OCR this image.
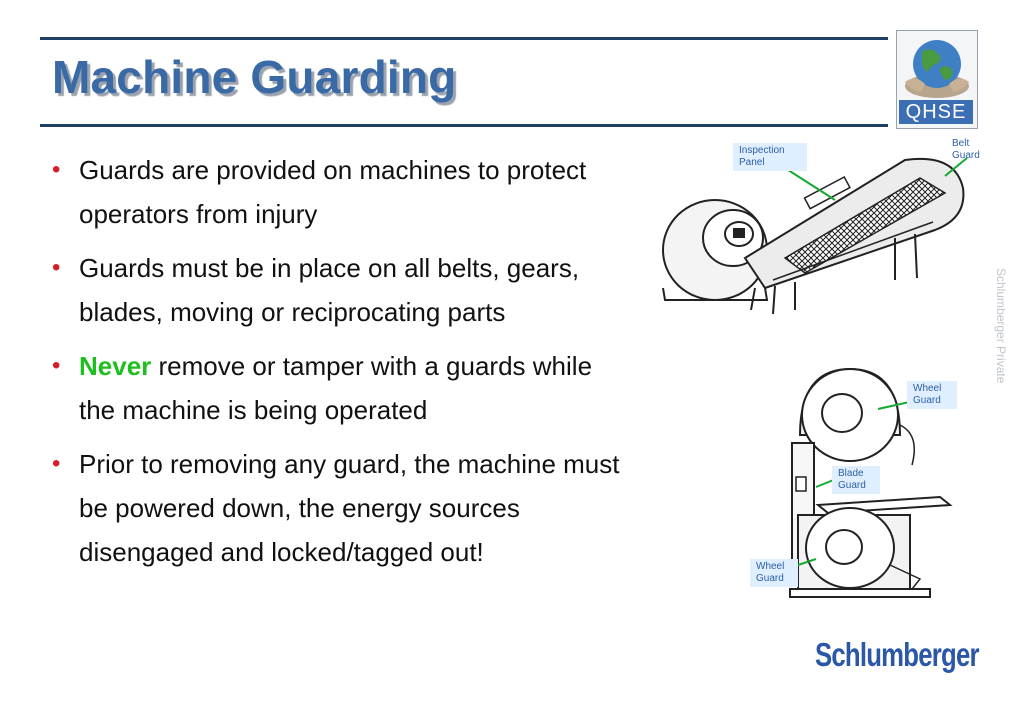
Machine Guarding
QHSE
• Guards are provided on machines to protect operators from injury
• Guards must be in place on all belts, gears, blades, moving or reciprocating parts
• Never remove or tamper with a guards while the machine is being operated
• Prior to removing any guard, the machine must be powered down, the energy sources disengaged and locked/tagged out!
Inspection
Panel
Belt
Guard
Wheel
Guard
Blade
Guard
Wheel
Guard
Schlumberger Private
Schlumberger
